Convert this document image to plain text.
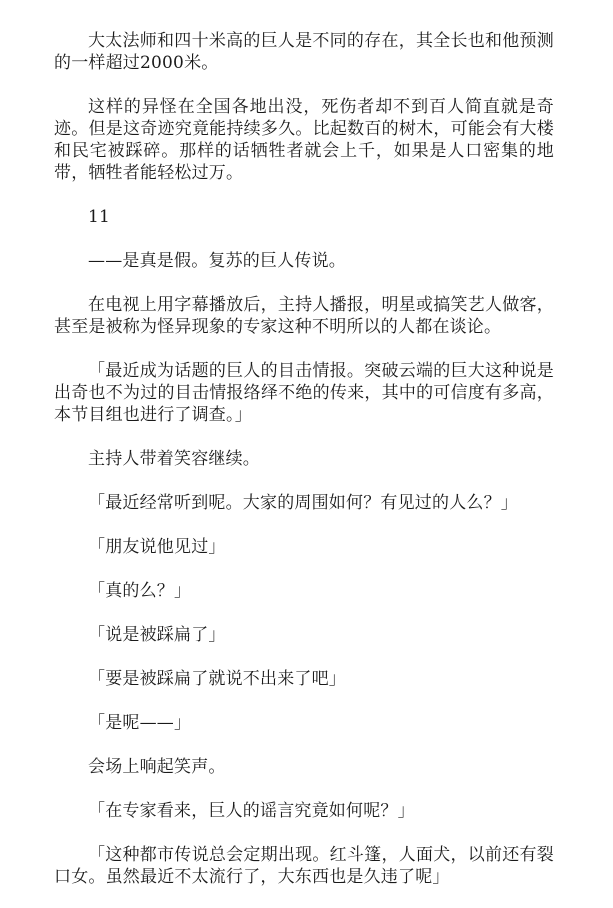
大太法师和四十米高的巨人是不同的存在，其全长也和他预测的一样超过2000米。

这样的异怪在全国各地出没，死伤者却不到百人简直就是奇迹。但是这奇迹究竟能持续多久。比起数百的树木，可能会有大楼和民宅被踩碎。那样的话牺牲者就会上千，如果是人口密集的地带，牺牲者能轻松过万。

11

——是真是假。复苏的巨人传说。

在电视上用字幕播放后，主持人播报，明星或搞笑艺人做客，甚至是被称为怪异现象的专家这种不明所以的人都在谈论。

「最近成为话题的巨人的目击情报。突破云端的巨大这种说是出奇也不为过的目击情报络绎不绝的传来，其中的可信度有多高，本节目组也进行了调查。」

主持人带着笑容继续。

「最近经常听到呢。大家的周围如何？有见过的人么？」

「朋友说他见过」

「真的么？」

「说是被踩扁了」

「要是被踩扁了就说不出来了吧」

「是呢——」

会场上响起笑声。

「在专家看来，巨人的谣言究竟如何呢？」

「这种都市传说总会定期出现。红斗篷，人面犬，以前还有裂口女。虽然最近不太流行了，大东西也是久违了呢」
